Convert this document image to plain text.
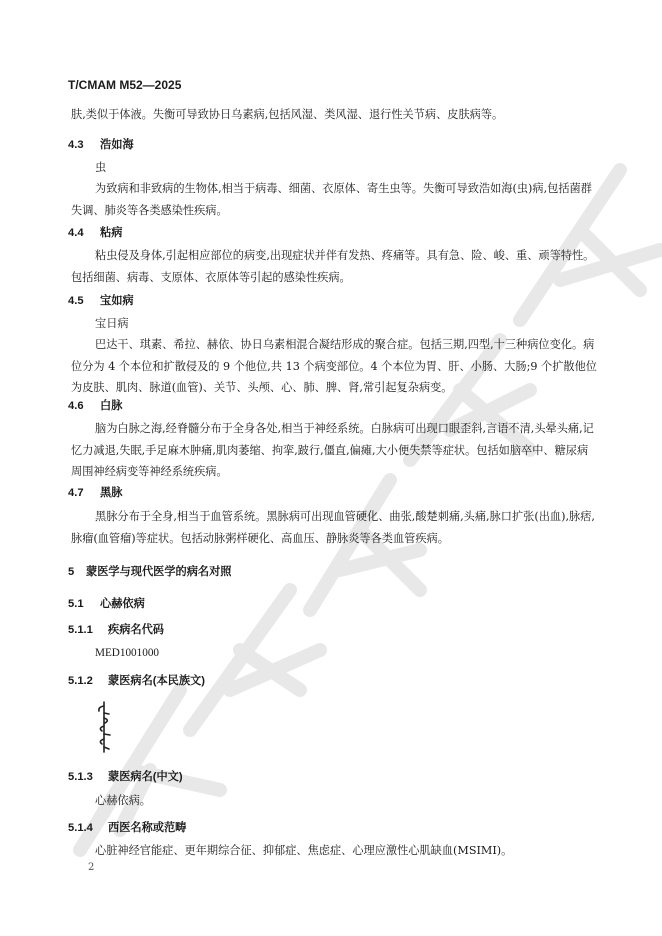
T/CMAM M52—2025
肤,类似于体液。失衡可导致协日乌素病,包括风湿、类风湿、退行性关节病、皮肤病等。
4.3 浩如海
虫
为致病和非致病的生物体,相当于病毒、细菌、衣原体、寄生虫等。失衡可导致浩如海(虫)病,包括菌群失调、肺炎等各类感染性疾病。
4.4 粘病
粘虫侵及身体,引起相应部位的病变,出现症状并伴有发热、疼痛等。具有急、险、峻、重、顽等特性。包括细菌、病毒、支原体、衣原体等引起的感染性疾病。
4.5 宝如病
宝日病
巴达干、琪素、希拉、赫依、协日乌素相混合凝结形成的聚合症。包括三期,四型,十三种病位变化。病位分为 4 个本位和扩散侵及的 9 个他位,共 13 个病变部位。4 个本位为胃、肝、小肠、大肠;9 个扩散他位为皮肤、肌肉、脉道(血管)、关节、头颅、心、肺、脾、肾,常引起复杂病变。
4.6 白脉
脑为白脉之海,经脊髓分布于全身各处,相当于神经系统。白脉病可出现口眼歪斜,言语不清,头晕头痛,记忆力减退,失眠,手足麻木肿痛,肌肉萎缩、拘挛,跛行,僵直,偏瘫,大小便失禁等症状。包括如脑卒中、糖尿病周围神经病变等神经系统疾病。
4.7 黑脉
黑脉分布于全身,相当于血管系统。黑脉病可出现血管硬化、曲张,酸楚刺痛,头痛,脉口扩张(出血),脉痞,脉瘤(血管瘤)等症状。包括动脉粥样硬化、高血压、静脉炎等各类血管疾病。
5 蒙医学与现代医学的病名对照
5.1 心赫依病
5.1.1 疾病名代码
MED1001000
5.1.2 蒙医病名(本民族文)
5.1.3 蒙医病名(中文)
心赫依病。
5.1.4 西医名称或范畴
心脏神经官能症、更年期综合征、抑郁症、焦虑症、心理应激性心肌缺血(MSIMI)。
2
